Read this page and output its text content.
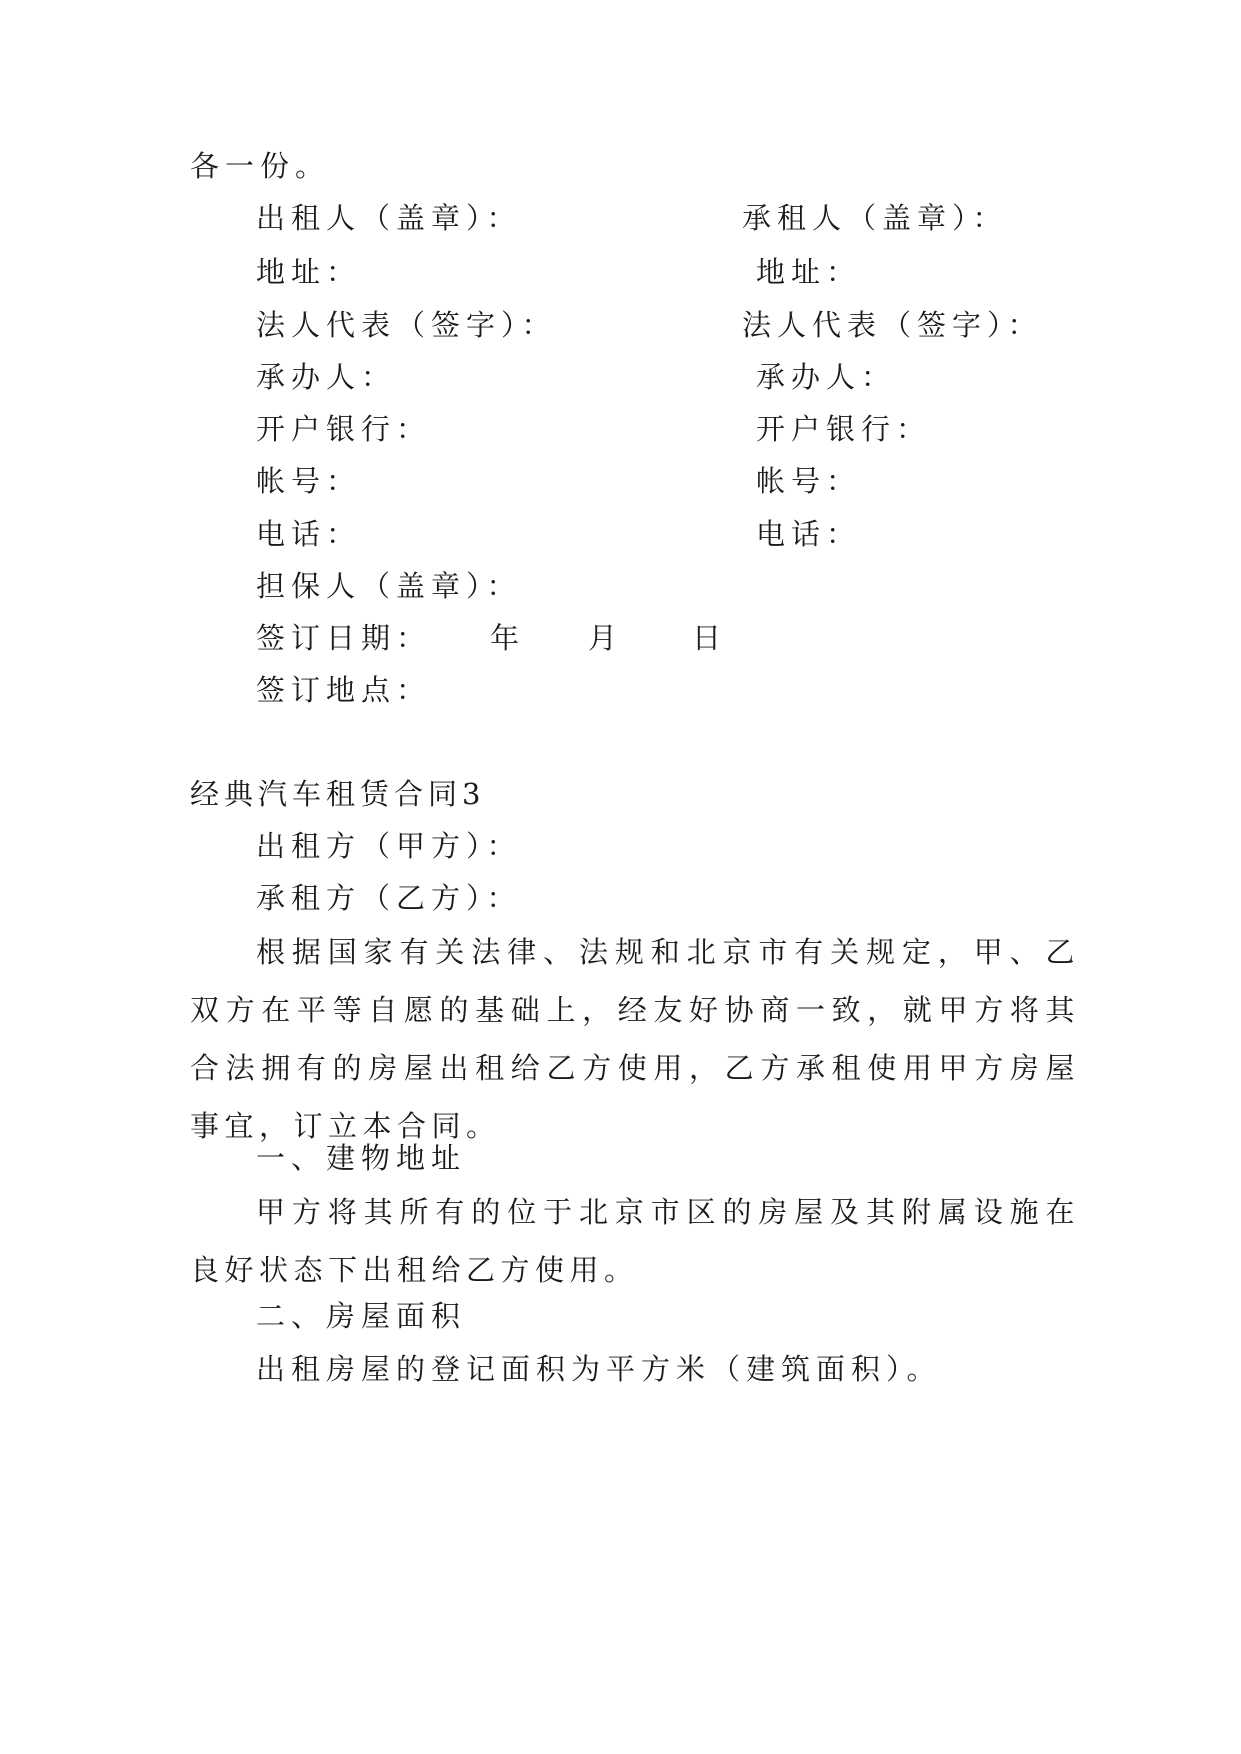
各一份。
出租人（盖章）：	承租人（盖章）：
地址：	地址：
法人代表（签字）：	法人代表（签字）：
承办人：	承办人：
开户银行：	开户银行：
帐号：	帐号：
电话：	电话：
担保人（盖章）：
签订日期： 年 月 日
签订地点：
经典汽车租赁合同3
出租方（甲方）：
承租方（乙方）：
根据国家有关法律、法规和北京市有关规定，甲、乙双方在平等自愿的基础上，经友好协商一致，就甲方将其合法拥有的房屋出租给乙方使用，乙方承租使用甲方房屋事宜，订立本合同。
一、建物地址
甲方将其所有的位于北京市区的房屋及其附属设施在良好状态下出租给乙方使用。
二、房屋面积
出租房屋的登记面积为平方米（建筑面积）。
